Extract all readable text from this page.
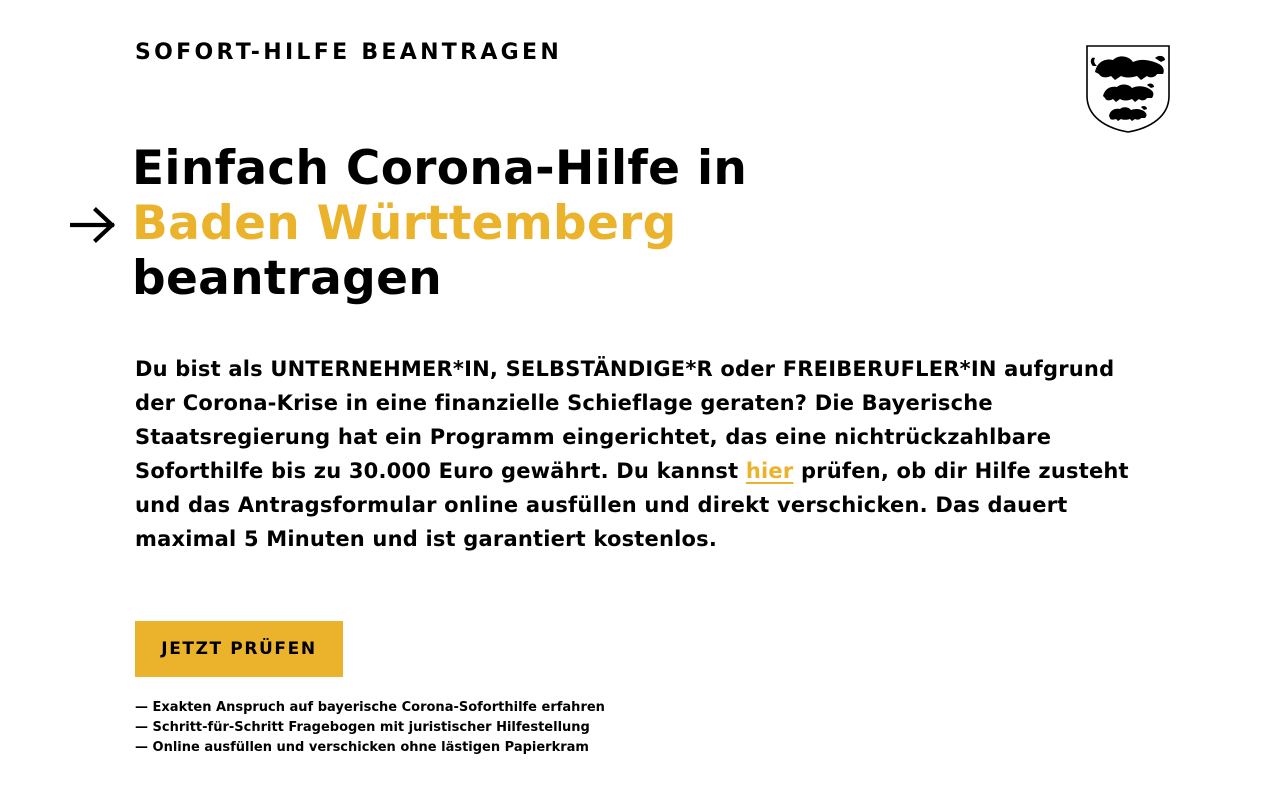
SOFORT-HILFE BEANTRAGEN
Einfach Corona-Hilfe in
Baden Württemberg
beantragen

Du bist als UNTERNEHMER*IN, SELBSTÄNDIGE*R oder FREIBERUFLER*IN aufgrund der Corona-Krise in eine finanzielle Schieflage geraten? Die Bayerische Staatsregierung hat ein Programm eingerichtet, das eine nichtrückzahlbare Soforthilfe bis zu 30.000 Euro gewährt. Du kannst hier prüfen, ob dir Hilfe zusteht und das Antragsformular online ausfüllen und direkt verschicken. Das dauert maximal 5 Minuten und ist garantiert kostenlos.

JETZT PRÜFEN
— Exakten Anspruch auf bayerische Corona-Soforthilfe erfahren
— Schritt-für-Schritt Fragebogen mit juristischer Hilfestellung
— Online ausfüllen und verschicken ohne lästigen Papierkram
